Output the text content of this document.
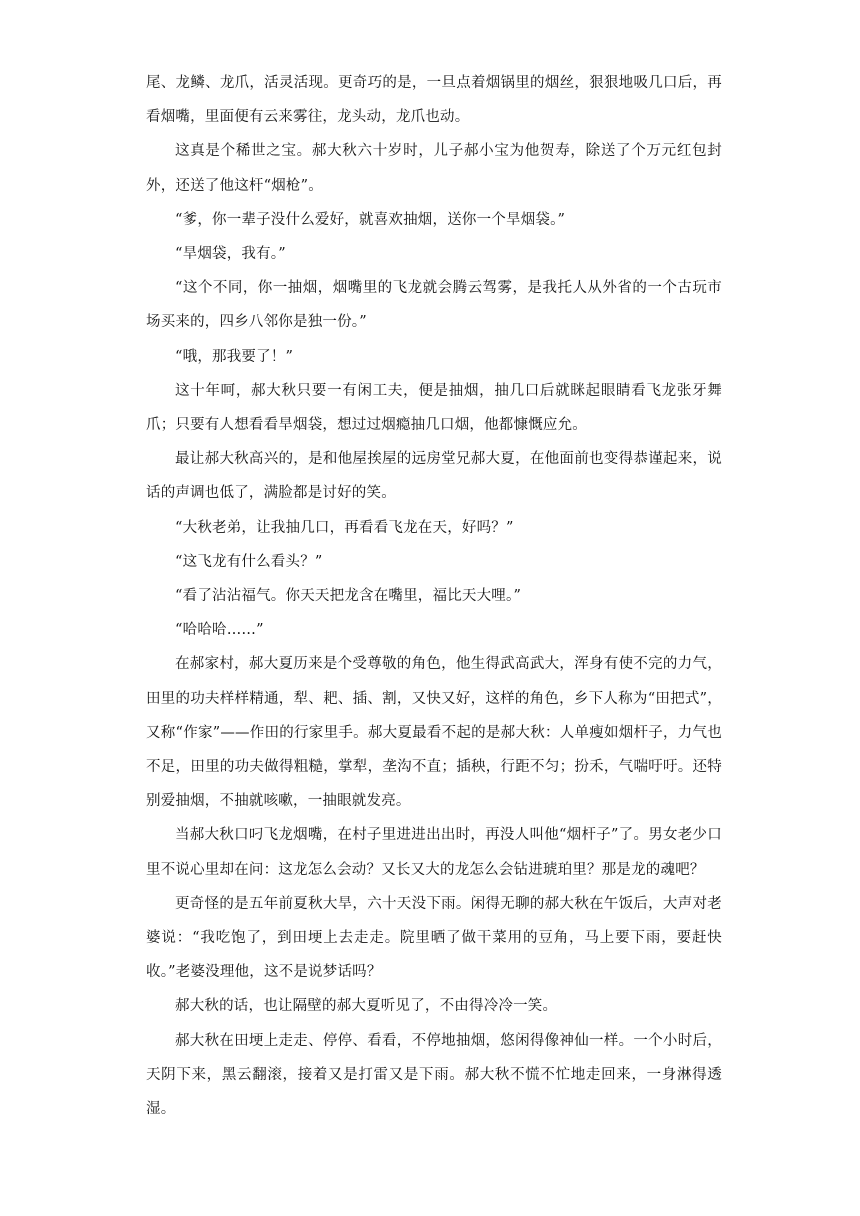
尾、龙鳞、龙爪，活灵活现。更奇巧的是，一旦点着烟锅里的烟丝，狠狠地吸几口后，再看烟嘴，里面便有云来雾往，龙头动，龙爪也动。

这真是个稀世之宝。郝大秋六十岁时，儿子郝小宝为他贺寿，除送了个万元红包封外，还送了他这杆“烟枪”。

“爹，你一辈子没什么爱好，就喜欢抽烟，送你一个旱烟袋。”

“旱烟袋，我有。”

“这个不同，你一抽烟，烟嘴里的飞龙就会腾云驾雾，是我托人从外省的一个古玩市场买来的，四乡八邻你是独一份。”

“哦，那我要了！”

这十年呵，郝大秋只要一有闲工夫，便是抽烟，抽几口后就眯起眼睛看飞龙张牙舞爪；只要有人想看看旱烟袋，想过过烟瘾抽几口烟，他都慷慨应允。

最让郝大秋高兴的，是和他屋挨屋的远房堂兄郝大夏，在他面前也变得恭谨起来，说话的声调也低了，满脸都是讨好的笑。

“大秋老弟，让我抽几口，再看看飞龙在天，好吗？”

“这飞龙有什么看头？”

“看了沾沾福气。你天天把龙含在嘴里，福比天大哩。”

“哈哈哈……”

在郝家村，郝大夏历来是个受尊敬的角色，他生得武高武大，浑身有使不完的力气，田里的功夫样样精通，犁、耙、插、割，又快又好，这样的角色，乡下人称为“田把式”，又称“作家”——作田的行家里手。郝大夏最看不起的是郝大秋：人单瘦如烟杆子，力气也不足，田里的功夫做得粗糙，掌犁，垄沟不直；插秧，行距不匀；扮禾，气喘吁吁。还特别爱抽烟，不抽就咳嗽，一抽眼就发亮。

当郝大秋口叼飞龙烟嘴，在村子里进进出出时，再没人叫他“烟杆子”了。男女老少口里不说心里却在问：这龙怎么会动？又长又大的龙怎么会钻进琥珀里？那是龙的魂吧？

更奇怪的是五年前夏秋大旱，六十天没下雨。闲得无聊的郝大秋在午饭后，大声对老婆说：“我吃饱了，到田埂上去走走。院里晒了做干菜用的豆角，马上要下雨，要赶快收。”老婆没理他，这不是说梦话吗？

郝大秋的话，也让隔壁的郝大夏听见了，不由得冷冷一笑。

郝大秋在田埂上走走、停停、看看，不停地抽烟，悠闲得像神仙一样。一个小时后，天阴下来，黑云翻滚，接着又是打雷又是下雨。郝大秋不慌不忙地走回来，一身淋得透湿。
